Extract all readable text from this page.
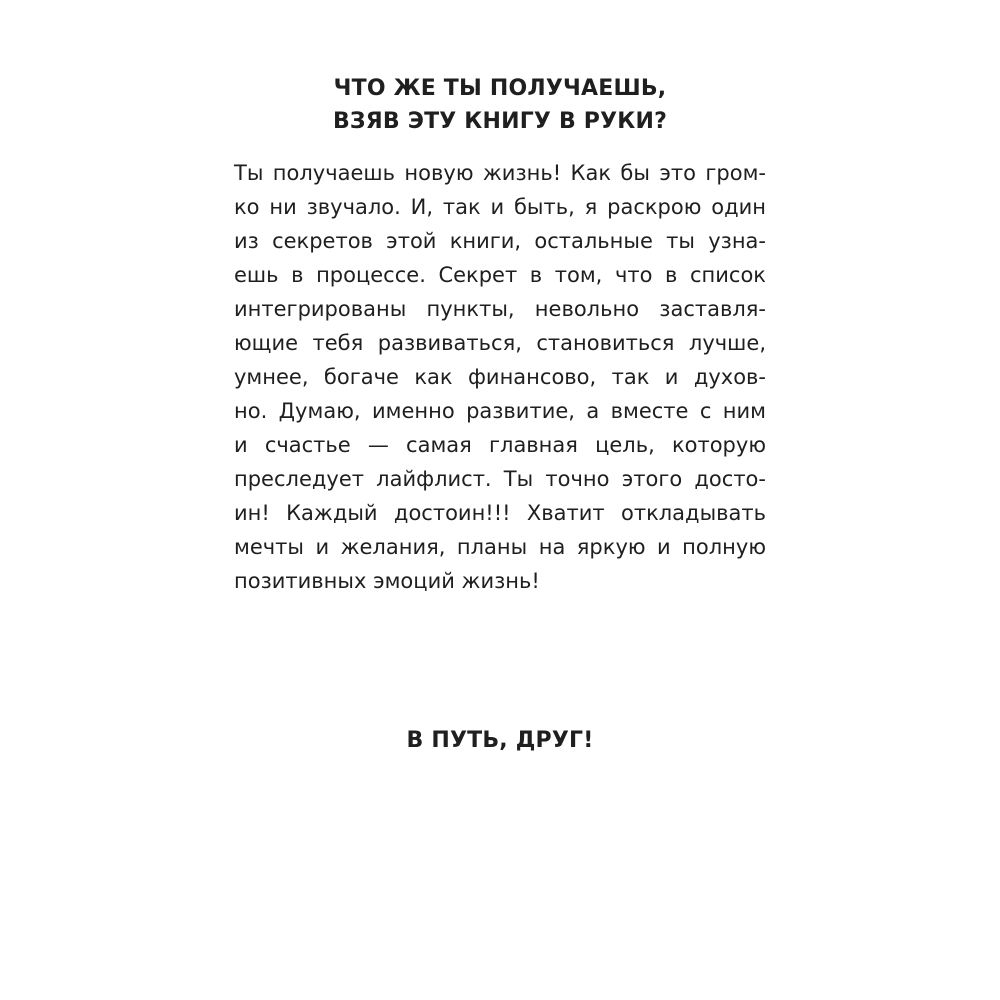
ЧТО ЖЕ ТЫ ПОЛУЧАЕШЬ,
ВЗЯВ ЭТУ КНИГУ В РУКИ?
Ты получаешь новую жизнь! Как бы это гром-
ко ни звучало. И, так и быть, я раскрою один
из секретов этой книги, остальные ты узна-
ешь в процессе. Секрет в том, что в список
интегрированы пункты, невольно заставля-
ющие тебя развиваться, становиться лучше,
умнее, богаче как финансово, так и духов-
но. Думаю, именно развитие, а вместе с ним
и счастье — самая главная цель, которую
преследует лайфлист. Ты точно этого досто-
ин! Каждый достоин!!! Хватит откладывать
мечты и желания, планы на яркую и полную
позитивных эмоций жизнь!
В ПУТЬ, ДРУГ!
